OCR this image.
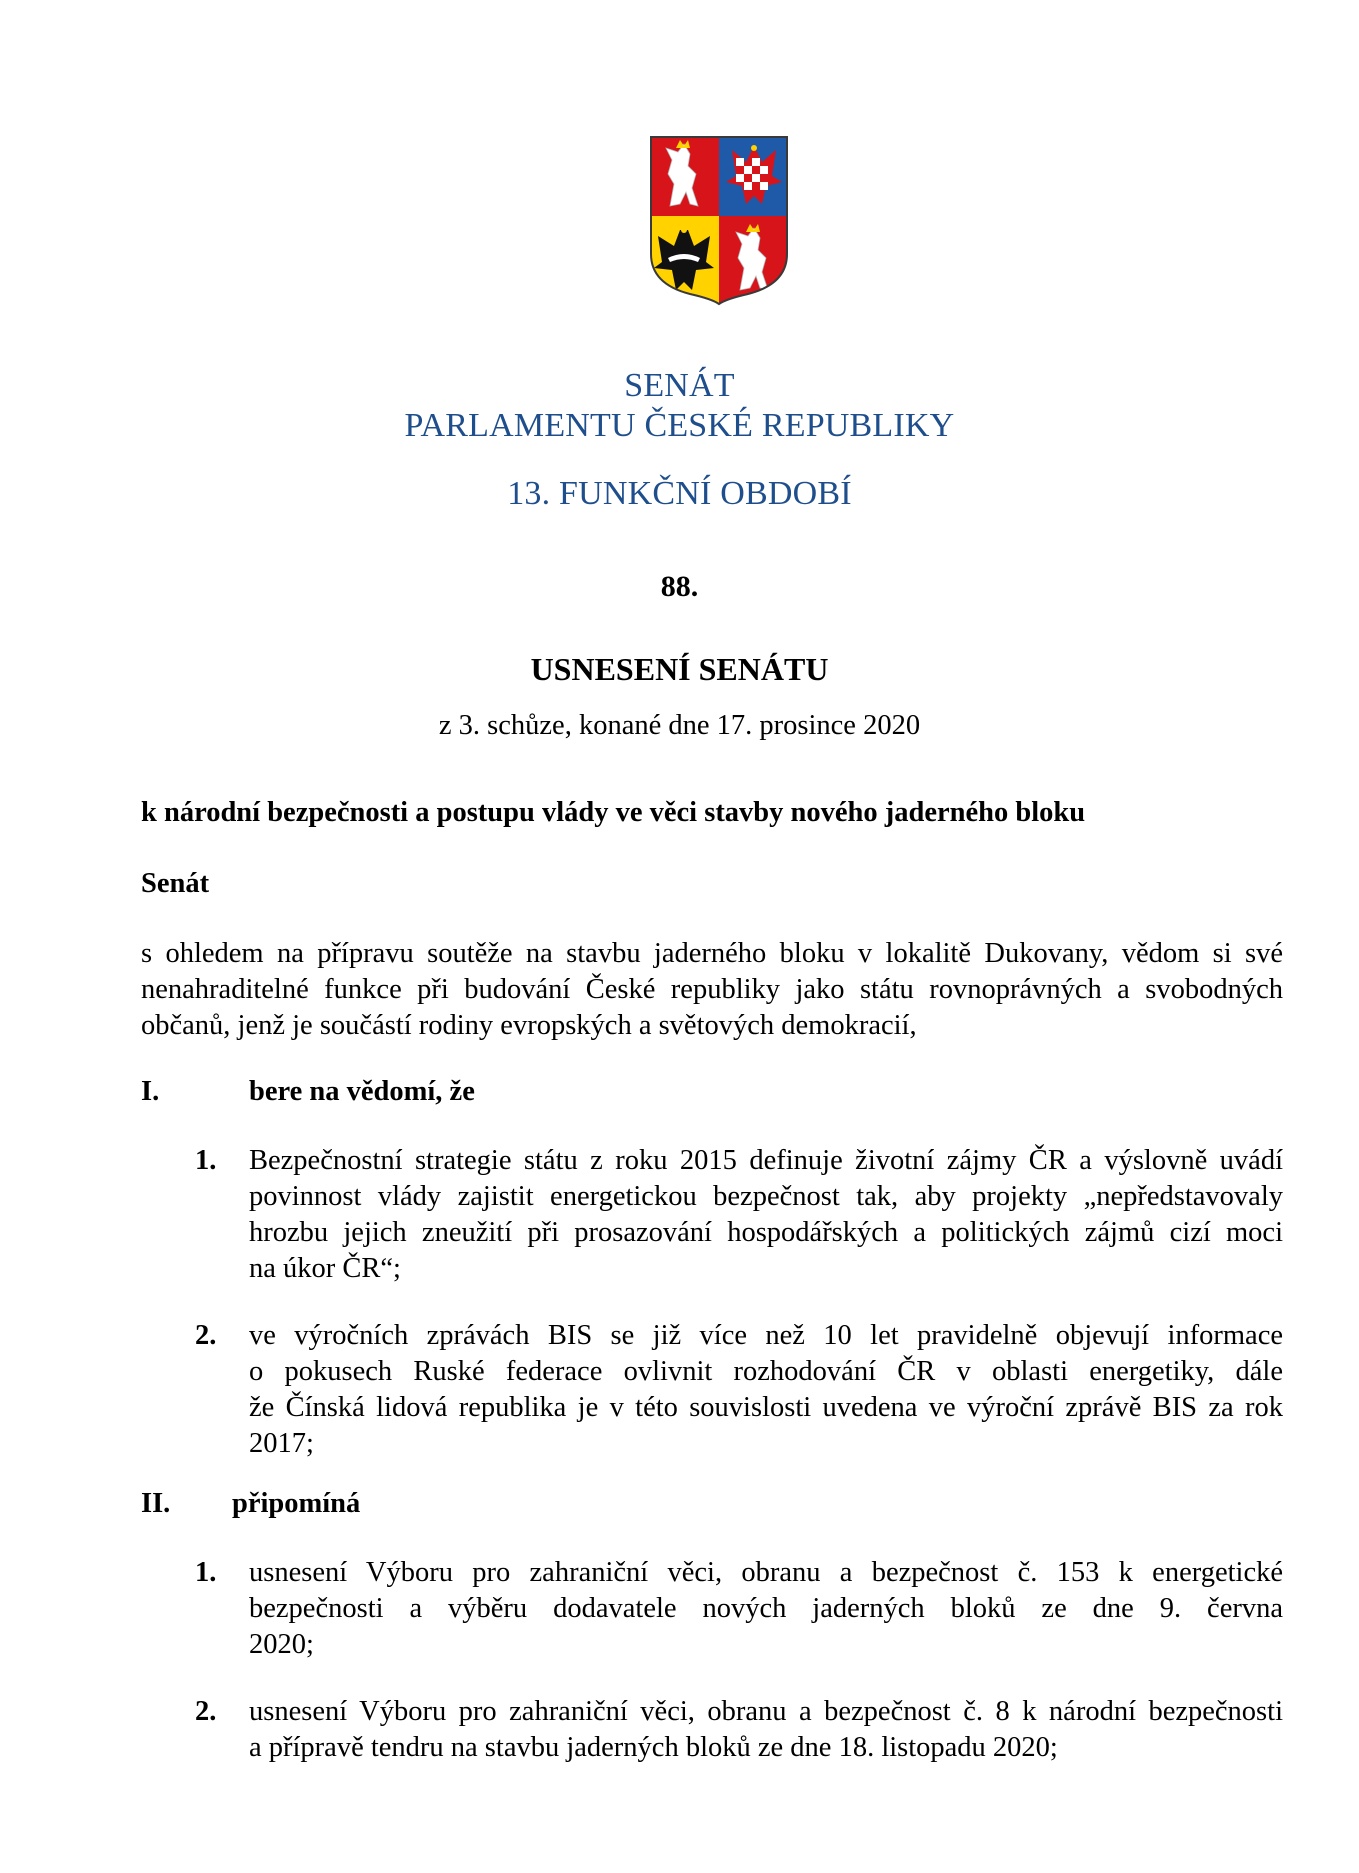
SENÁT
PARLAMENTU ČESKÉ REPUBLIKY
13. FUNKČNÍ OBDOBÍ
88.
USNESENÍ SENÁTU
z 3. schůze, konané dne 17. prosince 2020
k národní bezpečnosti a postupu vlády ve věci stavby nového jaderného bloku
Senát
s ohledem na přípravu soutěže na stavbu jaderného bloku v lokalitě Dukovany, vědom si své
nenahraditelné funkce při budování České republiky jako státu rovnoprávných a svobodných
občanů, jenž je součástí rodiny evropských a světových demokracií,
I.	bere na vědomí, že
1. Bezpečnostní strategie státu z roku 2015 definuje životní zájmy ČR a výslovně uvádí
povinnost vlády zajistit energetickou bezpečnost tak, aby projekty „nepředstavovaly
hrozbu jejich zneužití při prosazování hospodářských a politických zájmů cizí moci
na úkor ČR“;
2. ve výročních zprávách BIS se již více než 10 let pravidelně objevují informace
o pokusech Ruské federace ovlivnit rozhodování ČR v oblasti energetiky, dále
že Čínská lidová republika je v této souvislosti uvedena ve výroční zprávě BIS za rok
2017;
II. připomíná
1. usnesení Výboru pro zahraniční věci, obranu a bezpečnost č. 153 k energetické
bezpečnosti a výběru dodavatele nových jaderných bloků ze dne 9. června
2020;
2. usnesení Výboru pro zahraniční věci, obranu a bezpečnost č. 8 k národní bezpečnosti
a přípravě tendru na stavbu jaderných bloků ze dne 18. listopadu 2020;
